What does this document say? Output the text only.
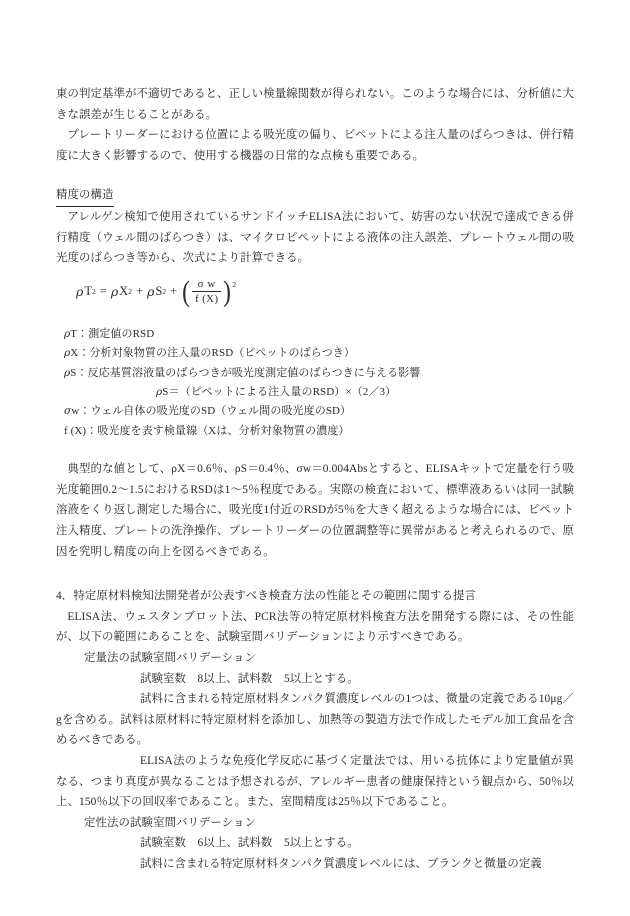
東の判定基準が不適切であると、正しい検量線関数が得られない。このような場合には、分析値に大きな誤差が生じることがある。

プレートリーダーにおける位置による吸光度の偏り、ピペットによる注入量のばらつきは、併行精度に大きく影響するので、使用する機器の日常的な点検も重要である。

精度の構造

アレルゲン検知で使用されているサンドイッチELISA法において、妨害のない状況で達成できる併行精度（ウェル間のばらつき）は、マイクロピペットによる液体の注入誤差、プレートウェル間の吸光度のばらつき等から、次式により計算できる。

ρ T 2 = ρ X 2 + ρ S 2 + ( $\frac{\text{σ w}}{f (X)}$ ) 2

ρT：測定値のRSD

ρX：分析対象物質の注入量のRSD（ピペットのばらつき）

ρS：反応基質溶液量のばらつきが吸光度測定値のばらつきに与える影響

ρS＝（ピペットによる注入量のRSD）×（2／3）

σw：ウェル自体の吸光度のSD（ウェル間の吸光度のSD）

f (X)：吸光度を表す検量線（Xは、分析対象物質の濃度）

典型的な値として、ρX＝0.6％、ρS＝0.4％、σw＝0.004Absとすると、ELISAキットで定量を行う吸光度範囲0.2〜1.5におけるRSDは1〜5％程度である。実際の検査において、標準液あるいは同一試験溶液をくり返し測定した場合に、吸光度1付近のRSDが5％を大きく超えるような場合には、ピペット注入精度、プレートの洗浄操作、プレートリーダーの位置調整等に異常があると考えられるので、原因を究明し精度の向上を図るべきである。

4．特定原材料検知法開発者が公表すべき検査方法の性能とその範囲に関する提言

ELISA法、ウェスタンブロット法、PCR法等の特定原材料検査方法を開発する際には、その性能が、以下の範囲にあることを、試験室間バリデーションにより示すべきである。

定量法の試験室間バリデーション

試験室数　8以上、試料数　5以上とする。

試料に含まれる特定原材料タンパク質濃度レベルの1つは、微量の定義である10μg／gを含める。試料は原材料に特定原材料を添加し、加熱等の製造方法で作成したモデル加工食品を含めるべきである。

ELISA法のような免疫化学反応に基づく定量法では、用いる抗体により定量値が異なる、つまり真度が異なることは予想されるが、アレルギー患者の健康保持という観点から、50％以上、150％以下の回収率であること。また、室間精度は25％以下であること。

定性法の試験室間バリデーション

試験室数　6以上、試料数　5以上とする。

試料に含まれる特定原材料タンパク質濃度レベルには、ブランクと微量の定義
